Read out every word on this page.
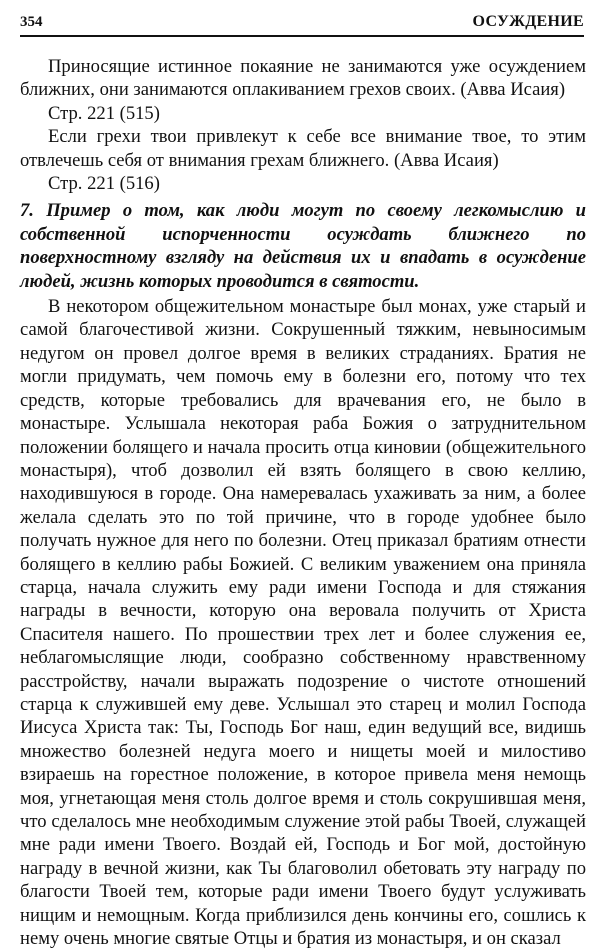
354	ОСУЖДЕНИЕ

Приносящие истинное покаяние не занимаются уже осуждением ближних, они занимаются оплакиванием грехов своих. (Авва Исаия)

Стр. 221 (515)

Если грехи твои привлекут к себе все внимание твое, то этим отвлечешь себя от внимания грехам ближнего. (Авва Исаия)

Стр. 221 (516)

7. Пример о том, как люди могут по своему легкомыслию и собственной испорченности осуждать ближнего по поверхностному взгляду на действия их и впадать в осуждение людей, жизнь которых проводится в святости.

В некотором общежительном монастыре был монах, уже старый и самой благочестивой жизни. Сокрушенный тяжким, невыносимым недугом он провел долгое время в великих страданиях. Братия не могли придумать, чем помочь ему в болезни его, потому что тех средств, которые требовались для врачевания его, не было в монастыре. Услышала некоторая раба Божия о затруднительном положении болящего и начала просить отца киновии (общежительного монастыря), чтоб дозволил ей взять болящего в свою келлию, находившуюся в городе. Она намеревалась ухаживать за ним, а более желала сделать это по той причине, что в городе удобнее было получать нужное для него по болезни. Отец приказал братиям отнести болящего в келлию рабы Божией. С великим уважением она приняла старца, начала служить ему ради имени Господа и для стяжания награды в вечности, которую она веровала получить от Христа Спасителя нашего. По прошествии трех лет и более служения ее, неблагомыслящие люди, сообразно собственному нравственному расстройству, начали выражать подозрение о чистоте отношений старца к служившей ему деве. Услышал это старец и молил Господа Иисуса Христа так: Ты, Господь Бог наш, един ведущий все, видишь множество болезней недуга моего и нищеты моей и милостиво взираешь на горестное положение, в которое привела меня немощь моя, угнетающая меня столь долгое время и столь сокрушившая меня, что сделалось мне необходимым служение этой рабы Твоей, служащей мне ради имени Твоего. Воздай ей, Господь и Бог мой, достойную награду в вечной жизни, как Ты благоволил обетовать эту награду по благости Твоей тем, которые ради имени Твоего будут услуживать нищим и немощным. Когда приблизился день кончины его, сошлись к нему очень многие святые Отцы и братия из монастыря, и он сказал
